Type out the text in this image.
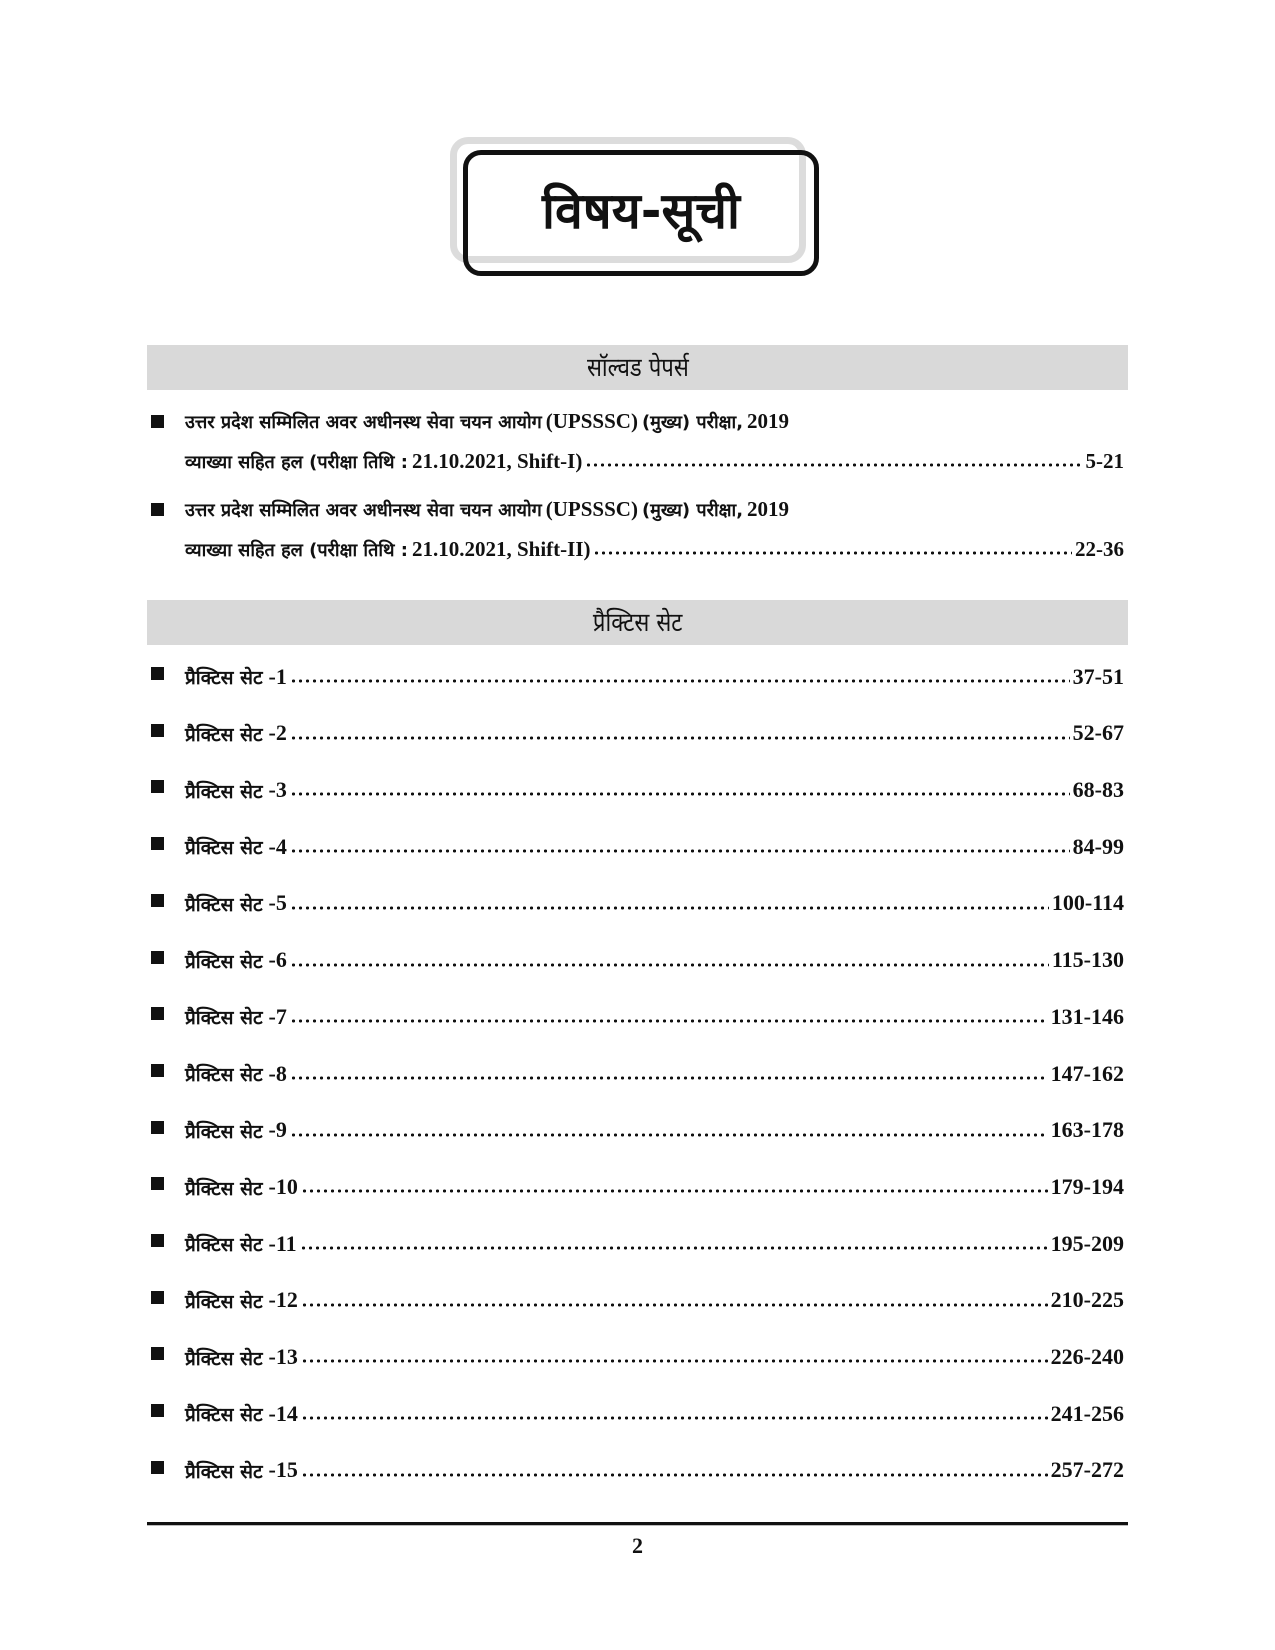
विषय-सूची
सॉल्वड पेपर्स
उत्तर प्रदेश सम्मिलित अवर अधीनस्थ सेवा चयन आयोग
(UPSSSC)
(मुख्य) परीक्षा,
2019
व्याख्या सहित हल (परीक्षा तिथि :
21.10.2021, Shift-I)	5-21
उत्तर प्रदेश सम्मिलित अवर अधीनस्थ सेवा चयन आयोग
(UPSSSC)
(मुख्य) परीक्षा,
2019
व्याख्या सहित हल (परीक्षा तिथि :
21.10.2021, Shift-II)	22-36
प्रैक्टिस सेट
प्रैक्टिस सेट -1	37-51
प्रैक्टिस सेट -2	52-67
प्रैक्टिस सेट -3	68-83
प्रैक्टिस सेट -4	84-99
प्रैक्टिस सेट -5	100-114
प्रैक्टिस सेट -6	115-130
प्रैक्टिस सेट -7	131-146
प्रैक्टिस सेट -8	147-162
प्रैक्टिस सेट -9	163-178
प्रैक्टिस सेट -10	179-194
प्रैक्टिस सेट -11	195-209
प्रैक्टिस सेट -12	210-225
प्रैक्टिस सेट -13	226-240
प्रैक्टिस सेट -14	241-256
प्रैक्टिस सेट -15	257-272
2
